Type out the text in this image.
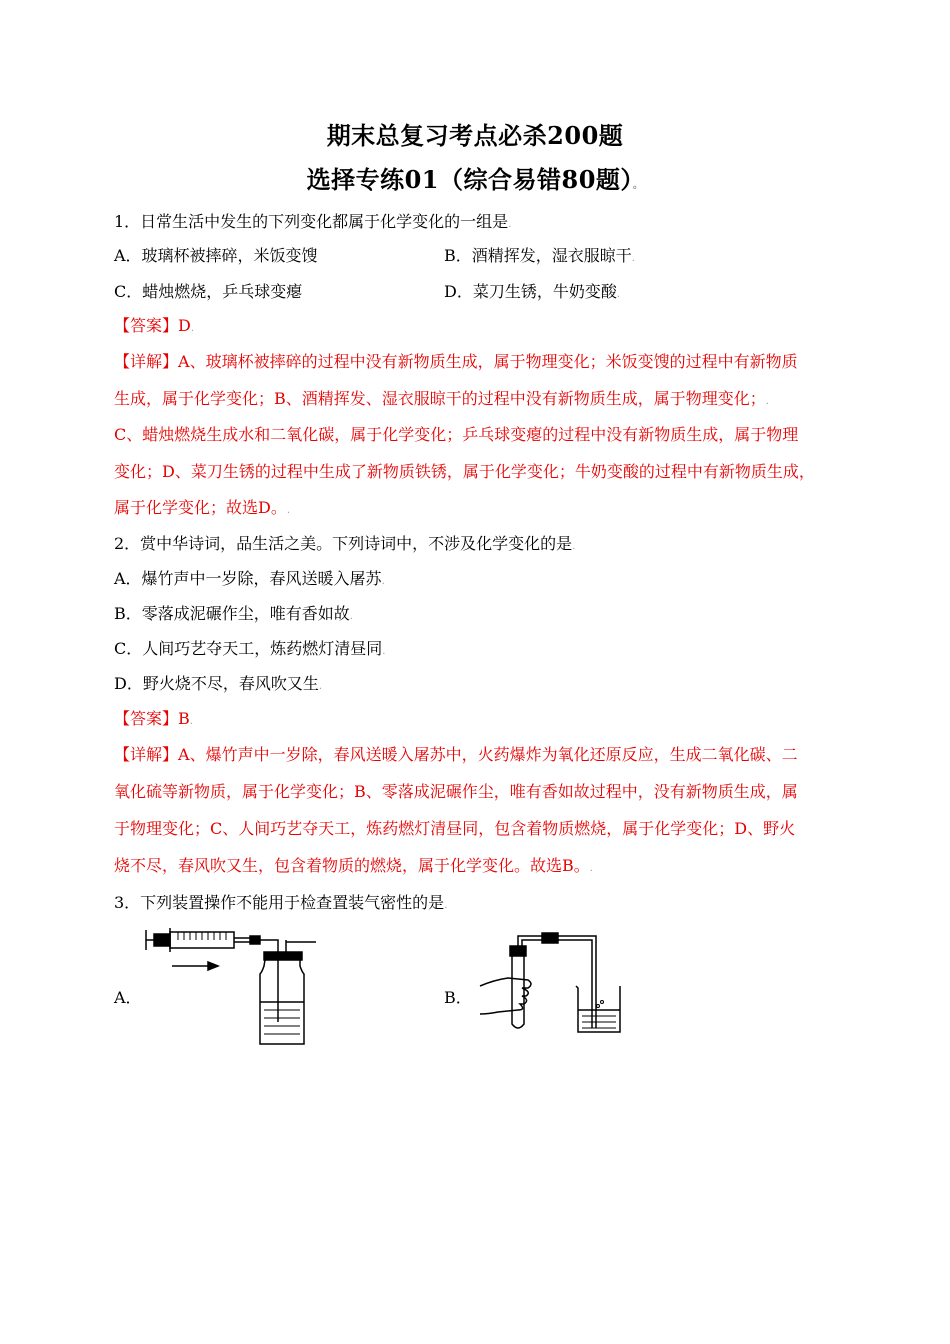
期末总复习考点必杀200题
选择专练01（综合易错80题）。
1．日常生活中发生的下列变化都属于化学变化的一组是.
A．玻璃杯被摔碎，米饭变馊	B．酒精挥发，湿衣服晾干.
C．蜡烛燃烧，乒乓球变瘪	D．菜刀生锈，牛奶变酸.
【答案】D.
【详解】A、玻璃杯被摔碎的过程中没有新物质生成，属于物理变化；米饭变馊的过程中有新物质
生成，属于化学变化；B、酒精挥发、湿衣服晾干的过程中没有新物质生成，属于物理变化；.
C、蜡烛燃烧生成水和二氧化碳，属于化学变化；乒乓球变瘪的过程中没有新物质生成，属于物理
变化；D、菜刀生锈的过程中生成了新物质铁锈，属于化学变化；牛奶变酸的过程中有新物质生成，
属于化学变化；故选D。.
2．赏中华诗词，品生活之美。下列诗词中，不涉及化学变化的是.
A．爆竹声中一岁除，春风送暖入屠苏.
B．零落成泥碾作尘，唯有香如故.
C．人间巧艺夺天工，炼药燃灯清昼同.
D．野火烧不尽，春风吹又生.
【答案】B.
【详解】A、爆竹声中一岁除，春风送暖入屠苏中，火药爆炸为氧化还原反应，生成二氧化碳、二
氧化硫等新物质，属于化学变化；B、零落成泥碾作尘，唯有香如故过程中，没有新物质生成，属
于物理变化；C、人间巧艺夺天工，炼药燃灯清昼同，包含着物质燃烧，属于化学变化；D、野火
烧不尽，春风吹又生，包含着物质的燃烧，属于化学变化。故选B。.
3．下列装置操作不能用于检查置装气密性的是.
A．	B．
